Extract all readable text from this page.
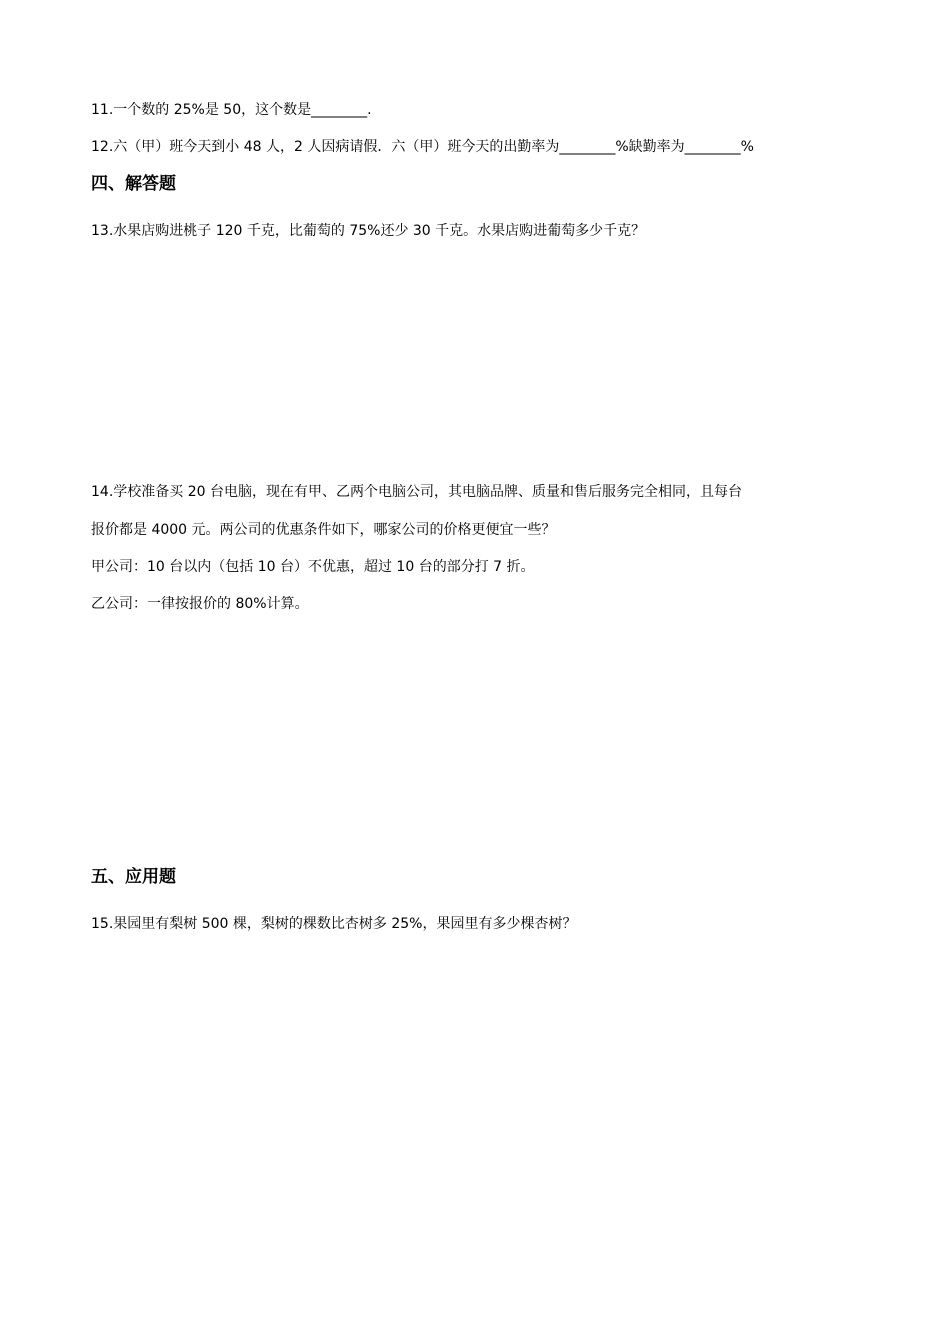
11.一个数的 25%是 50，这个数是________.
12.六（甲）班今天到小 48 人，2 人因病请假．六（甲）班今天的出勤率为________%缺勤率为________%
四、解答题
13.水果店购进桃子 120 千克，比葡萄的 75%还少 30 千克。水果店购进葡萄多少千克？
14.学校准备买 20 台电脑，现在有甲、乙两个电脑公司，其电脑品牌、质量和售后服务完全相同，且每台
报价都是 4000 元。两公司的优惠条件如下，哪家公司的价格更便宜一些？
甲公司：10 台以内（包括 10 台）不优惠，超过 10 台的部分打 7 折。
乙公司：一律按报价的 80%计算。
五、应用题
15.果园里有梨树 500 棵，梨树的棵数比杏树多 25%，果园里有多少棵杏树？
